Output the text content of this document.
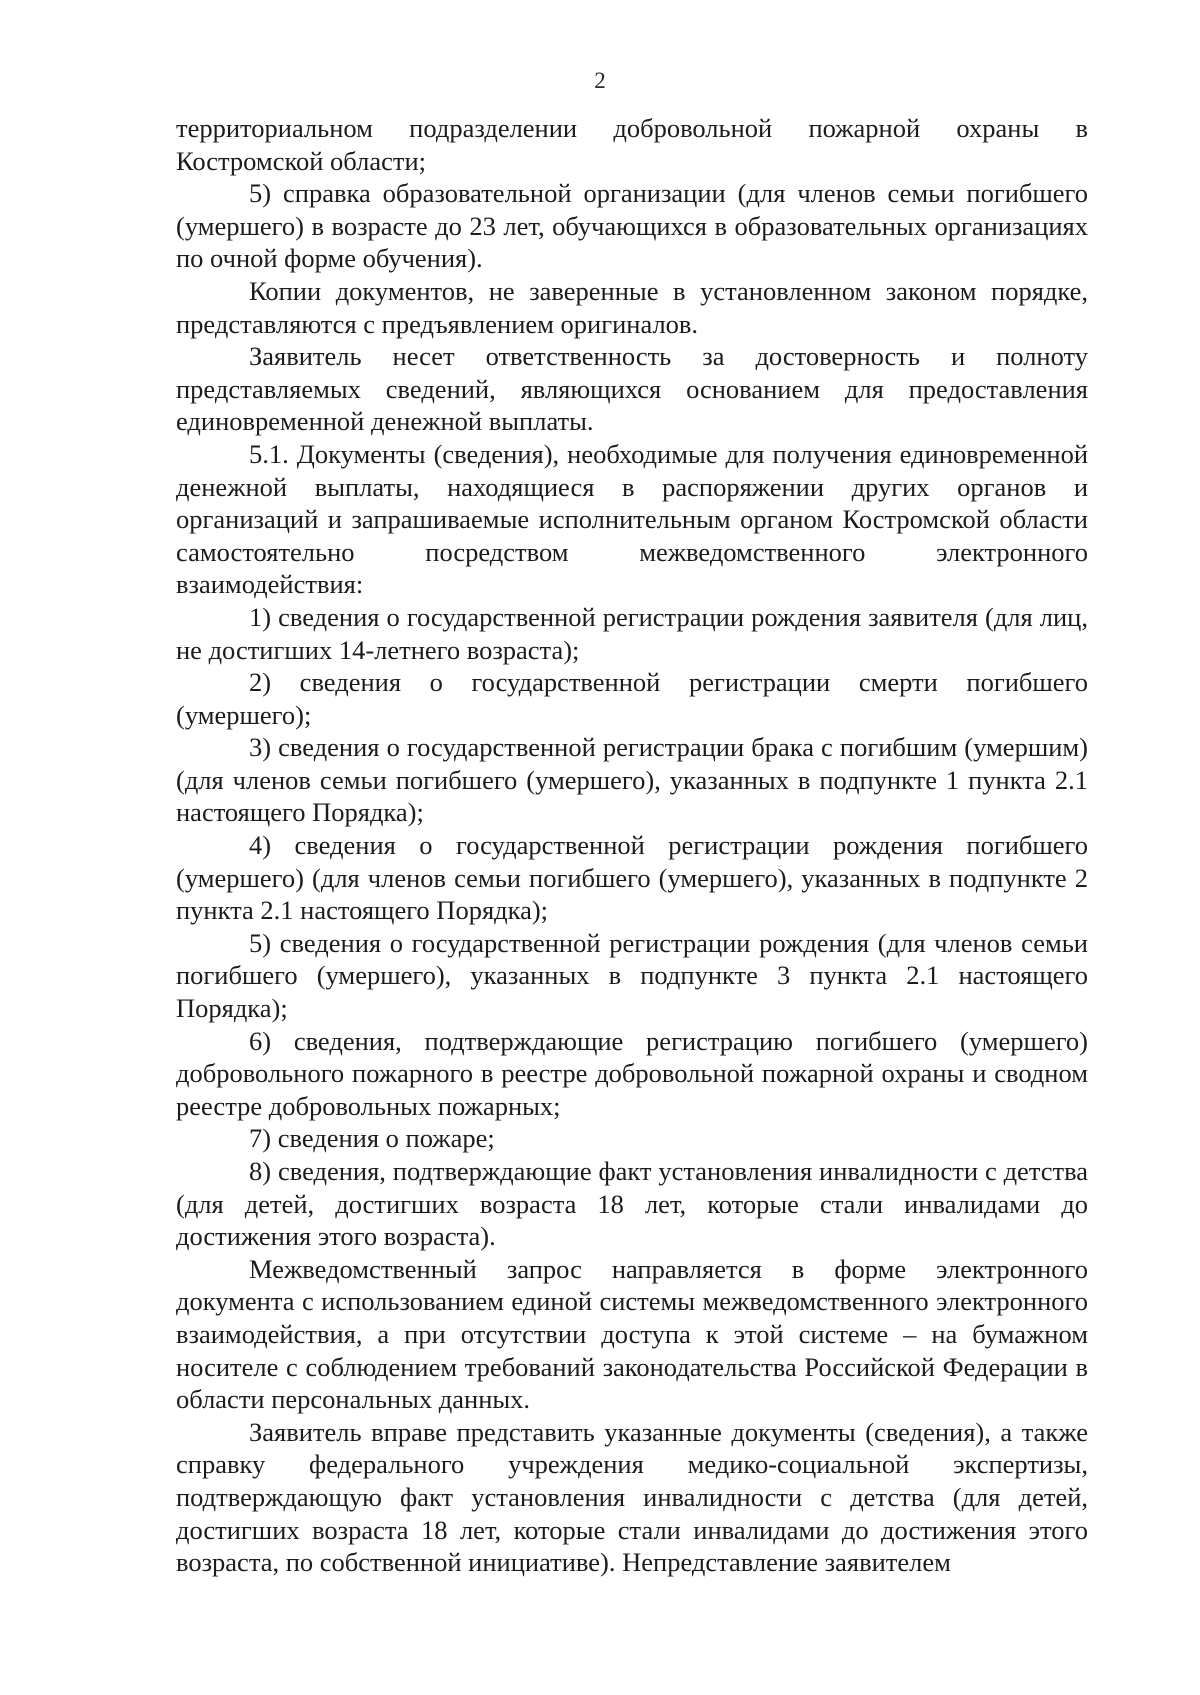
2

территориальном подразделении добровольной пожарной охраны в Костромской области;

5) справка образовательной организации (для членов семьи погибшего (умершего) в возрасте до 23 лет, обучающихся в образовательных организациях по очной форме обучения).

Копии документов, не заверенные в установленном законом порядке, представляются с предъявлением оригиналов.

Заявитель несет ответственность за достоверность и полноту представляемых сведений, являющихся основанием для предоставления единовременной денежной выплаты.

5.1. Документы (сведения), необходимые для получения единовременной денежной выплаты, находящиеся в распоряжении других органов и организаций и запрашиваемые исполнительным органом Костромской области самостоятельно посредством межведомственного электронного взаимодействия:

1) сведения о государственной регистрации рождения заявителя (для лиц, не достигших 14-летнего возраста);

2) сведения о государственной регистрации смерти погибшего (умершего);

3) сведения о государственной регистрации брака с погибшим (умершим) (для членов семьи погибшего (умершего), указанных в подпункте 1 пункта 2.1 настоящего Порядка);

4) сведения о государственной регистрации рождения погибшего (умершего) (для членов семьи погибшего (умершего), указанных в подпункте 2 пункта 2.1 настоящего Порядка);

5) сведения о государственной регистрации рождения (для членов семьи погибшего (умершего), указанных в подпункте 3 пункта 2.1 настоящего Порядка);

6) сведения, подтверждающие регистрацию погибшего (умершего) добровольного пожарного в реестре добровольной пожарной охраны и сводном реестре добровольных пожарных;

7) сведения о пожаре;

8) сведения, подтверждающие факт установления инвалидности с детства (для детей, достигших возраста 18 лет, которые стали инвалидами до достижения этого возраста).

Межведомственный запрос направляется в форме электронного документа с использованием единой системы межведомственного электронного взаимодействия, а при отсутствии доступа к этой системе – на бумажном носителе с соблюдением требований законодательства Российской Федерации в области персональных данных.

Заявитель вправе представить указанные документы (сведения), а также справку федерального учреждения медико-социальной экспертизы, подтверждающую факт установления инвалидности с детства (для детей, достигших возраста 18 лет, которые стали инвалидами до достижения этого возраста, по собственной инициативе). Непредставление заявителем
